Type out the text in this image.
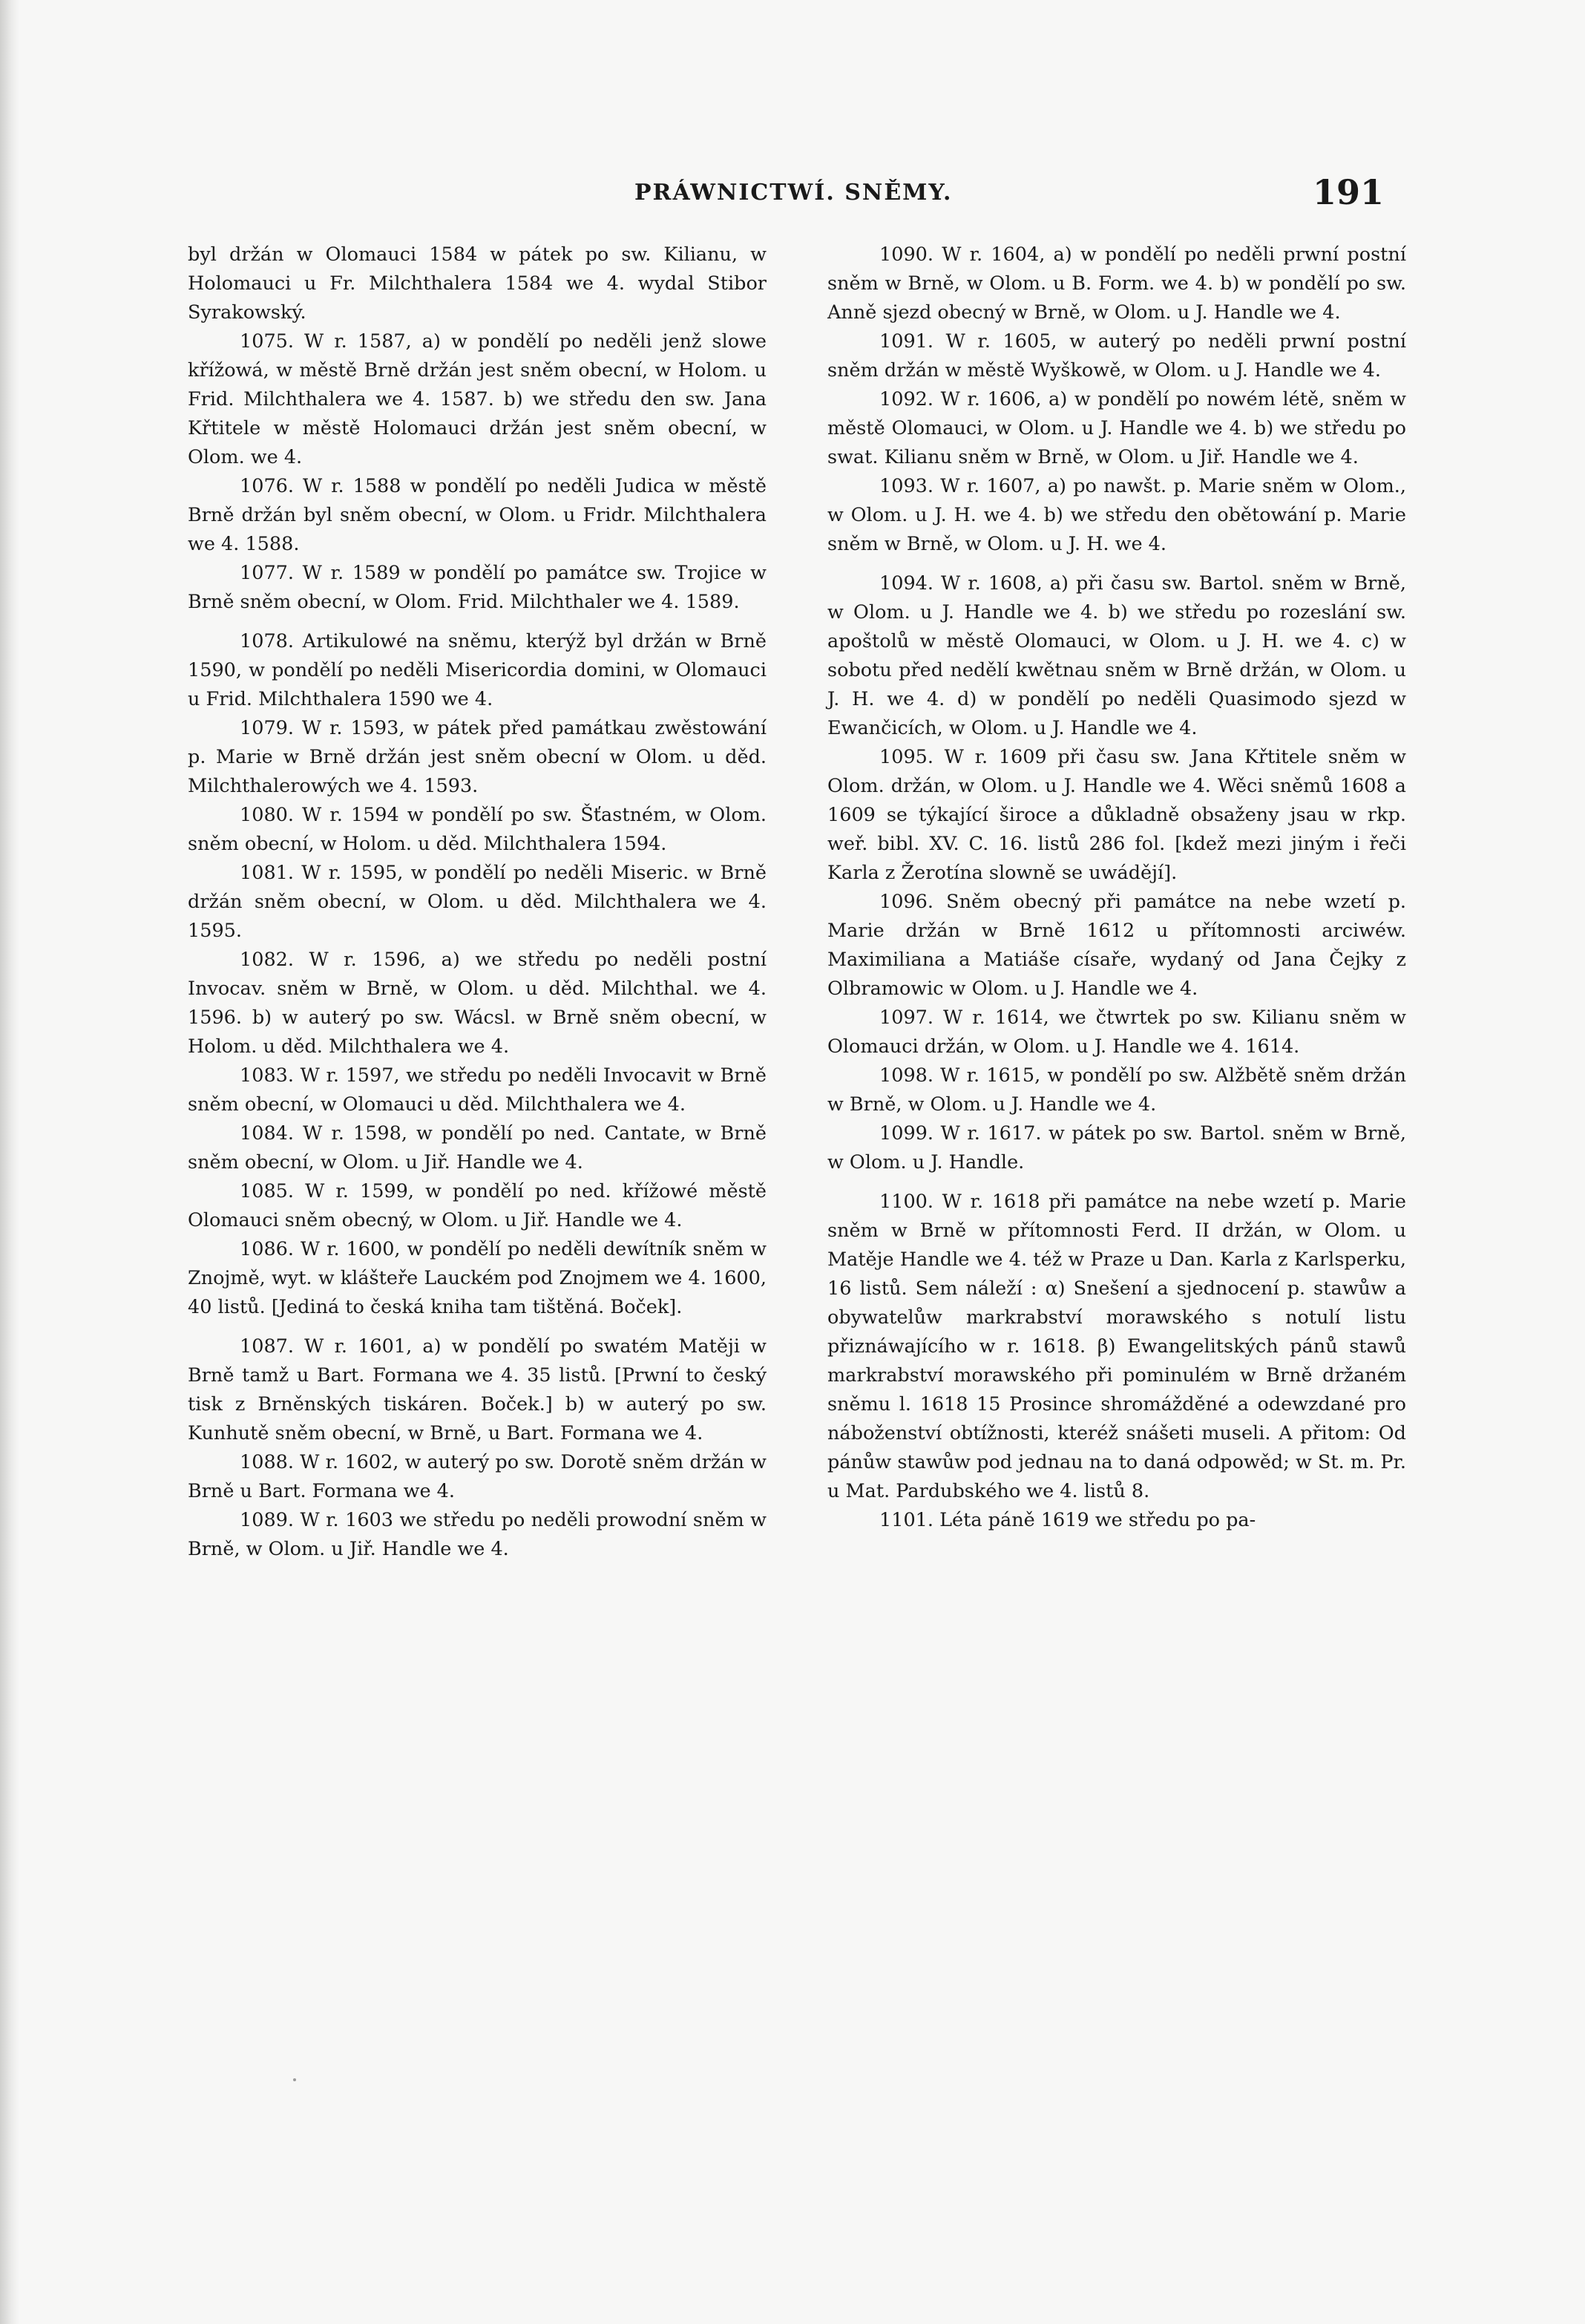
PRÁWNICTWÍ. SNĚMY.	191

byl držán w Olomauci 1584 w pátek po sw. Kilianu, w Holomauci u Fr. Milchthalera 1584 we 4. wydal Stibor Syrakowský.

1075. W r. 1587, a) w pondělí po neděli jenž slowe křížowá, w městě Brně držán jest sněm obecní, w Holom. u Frid. Milchthalera we 4. 1587. b) we středu den sw. Jana Křtitele w městě Holomauci držán jest sněm obecní, w Olom. we 4.

1076. W r. 1588 w pondělí po neděli Judica w městě Brně držán byl sněm obecní, w Olom. u Fridr. Milchthalera we 4. 1588.

1077. W r. 1589 w pondělí po památce sw. Trojice w Brně sněm obecní, w Olom. Frid. Milchthaler we 4. 1589.

1078. Artikulowé na sněmu, kterýž byl držán w Brně 1590, w pondělí po neděli Misericordia domini, w Olomauci u Frid. Milchthalera 1590 we 4.

1079. W r. 1593, w pátek před památkau zwěstowání p. Marie w Brně držán jest sněm obecní w Olom. u děd. Milchthalerowých we 4. 1593.

1080. W r. 1594 w pondělí po sw. Šťastném, w Olom. sněm obecní, w Holom. u děd. Milchthalera 1594.

1081. W r. 1595, w pondělí po neděli Miseric. w Brně držán sněm obecní, w Olom. u děd. Milchthalera we 4. 1595.

1082. W r. 1596, a) we středu po neděli postní Invocav. sněm w Brně, w Olom. u děd. Milchthal. we 4. 1596. b) w auterý po sw. Wácsl. w Brně sněm obecní, w Holom. u děd. Milchthalera we 4.

1083. W r. 1597, we středu po neděli Invocavit w Brně sněm obecní, w Olomauci u děd. Milchthalera we 4.

1084. W r. 1598, w pondělí po ned. Cantate, w Brně sněm obecní, w Olom. u Jiř. Handle we 4.

1085. W r. 1599, w pondělí po ned. křížowé městě Olomauci sněm obecný, w Olom. u Jiř. Handle we 4.

1086. W r. 1600, w pondělí po neděli dewítník sněm w Znojmě, wyt. w klášteře Lauckém pod Znojmem we 4. 1600, 40 listů. [Jediná to česká kniha tam tištěná. Boček].

1087. W r. 1601, a) w pondělí po swatém Matěji w Brně tamž u Bart. Formana we 4. 35 listů. [Prwní to český tisk z Brněnských tiskáren. Boček.] b) w auterý po sw. Kunhutě sněm obecní, w Brně, u Bart. Formana we 4.

1088. W r. 1602, w auterý po sw. Dorotě sněm držán w Brně u Bart. Formana we 4.

1089. W r. 1603 we středu po neděli prowodní sněm w Brně, w Olom. u Jiř. Handle we 4.

1090. W r. 1604, a) w pondělí po neděli prwní postní sněm w Brně, w Olom. u B. Form. we 4. b) w pondělí po sw. Anně sjezd obecný w Brně, w Olom. u J. Handle we 4.

1091. W r. 1605, w auterý po neděli prwní postní sněm držán w městě Wyškowě, w Olom. u J. Handle we 4.

1092. W r. 1606, a) w pondělí po nowém létě, sněm w městě Olomauci, w Olom. u J. Handle we 4. b) we středu po swat. Kilianu sněm w Brně, w Olom. u Jiř. Handle we 4.

1093. W r. 1607, a) po nawšt. p. Marie sněm w Olom., w Olom. u J. H. we 4. b) we středu den obětowání p. Marie sněm w Brně, w Olom. u J. H. we 4.

1094. W r. 1608, a) při času sw. Bartol. sněm w Brně, w Olom. u J. Handle we 4. b) we středu po rozeslání sw. apoštolů w městě Olomauci, w Olom. u J. H. we 4. c) w sobotu před nedělí kwětnau sněm w Brně držán, w Olom. u J. H. we 4. d) w pondělí po neděli Quasimodo sjezd w Ewančicích, w Olom. u J. Handle we 4.

1095. W r. 1609 při času sw. Jana Křtitele sněm w Olom. držán, w Olom. u J. Handle we 4. Wěci sněmů 1608 a 1609 se týkající široce a důkladně obsaženy jsau w rkp. weř. bibl. XV. C. 16. listů 286 fol. [kdež mezi jiným i řeči Karla z Žerotína slowně se uwádějí].

1096. Sněm obecný při památce na nebe wzetí p. Marie držán w Brně 1612 u přítomnosti arciwéw. Maximiliana a Matiáše císaře, wydaný od Jana Čejky z Olbramowic w Olom. u J. Handle we 4.

1097. W r. 1614, we čtwrtek po sw. Kilianu sněm w Olomauci držán, w Olom. u J. Handle we 4. 1614.

1098. W r. 1615, w pondělí po sw. Alžbětě sněm držán w Brně, w Olom. u J. Handle we 4.

1099. W r. 1617. w pátek po sw. Bartol. sněm w Brně, w Olom. u J. Handle.

1100. W r. 1618 při památce na nebe wzetí p. Marie sněm w Brně w přítomnosti Ferd. II držán, w Olom. u Matěje Handle we 4. též w Praze u Dan. Karla z Karlsperku, 16 listů. Sem náleží : α) Snešení a sjednocení p. stawůw a obywatelůw markrabství morawského s notulí listu přiznáwajícího w r. 1618. β) Ewangelitských pánů stawů markrabství morawského při pominulém w Brně držaném sněmu l. 1618 15 Prosince shromážděné a odewzdané pro náboženství obtížnosti, kteréž snášeti museli. A přitom: Od pánůw stawůw pod jednau na to daná odpowěd; w St. m. Pr. u Mat. Pardubského we 4. listů 8.

1101. Léta páně 1619 we středu po pa-
